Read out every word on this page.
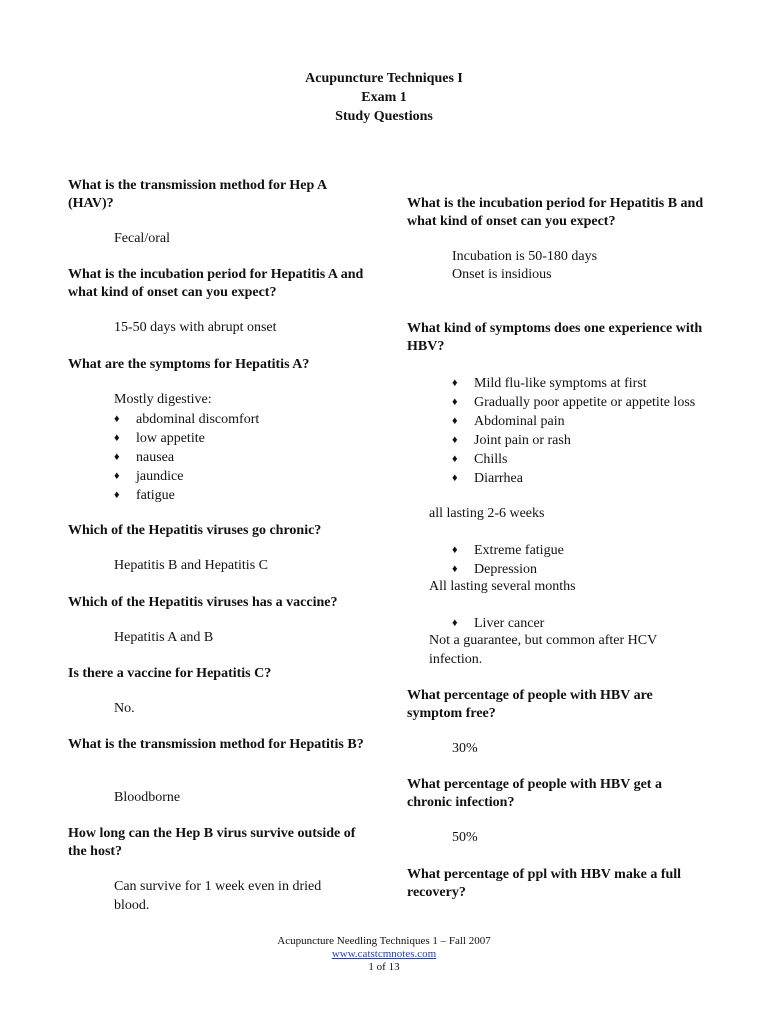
Acupuncture Techniques I
Exam 1
Study Questions
What is the transmission method for Hep A (HAV)?
Fecal/oral
What is the incubation period for Hepatitis A and what kind of onset can you expect?
15-50 days with abrupt onset
What are the symptoms for Hepatitis A?
Mostly digestive:
♦ abdominal discomfort
♦ low appetite
♦ nausea
♦ jaundice
♦ fatigue
Which of the Hepatitis viruses go chronic?
Hepatitis B and Hepatitis C
Which of the Hepatitis viruses has a vaccine?
Hepatitis A and B
Is there a vaccine for Hepatitis C?
No.
What is the transmission method for Hepatitis B?
Bloodborne
How long can the Hep B virus survive outside of the host?
Can survive for 1 week even in dried blood.
What is the incubation period for Hepatitis B and what kind of onset can you expect?
Incubation is 50-180 days
Onset is insidious
What kind of symptoms does one experience with HBV?
♦ Mild flu-like symptoms at first
♦ Gradually poor appetite or appetite loss
♦ Abdominal pain
♦ Joint pain or rash
♦ Chills
♦ Diarrhea
all lasting 2-6 weeks
♦ Extreme fatigue
♦ Depression
All lasting several months
♦ Liver cancer
Not a guarantee, but common after HCV infection.
What percentage of people with HBV are symptom free?
30%
What percentage of people with HBV get a chronic infection?
50%
What percentage of ppl with HBV make a full recovery?
Acupuncture Needling Techniques 1 – Fall 2007
www.catstcmnotes.com
1 of 13
